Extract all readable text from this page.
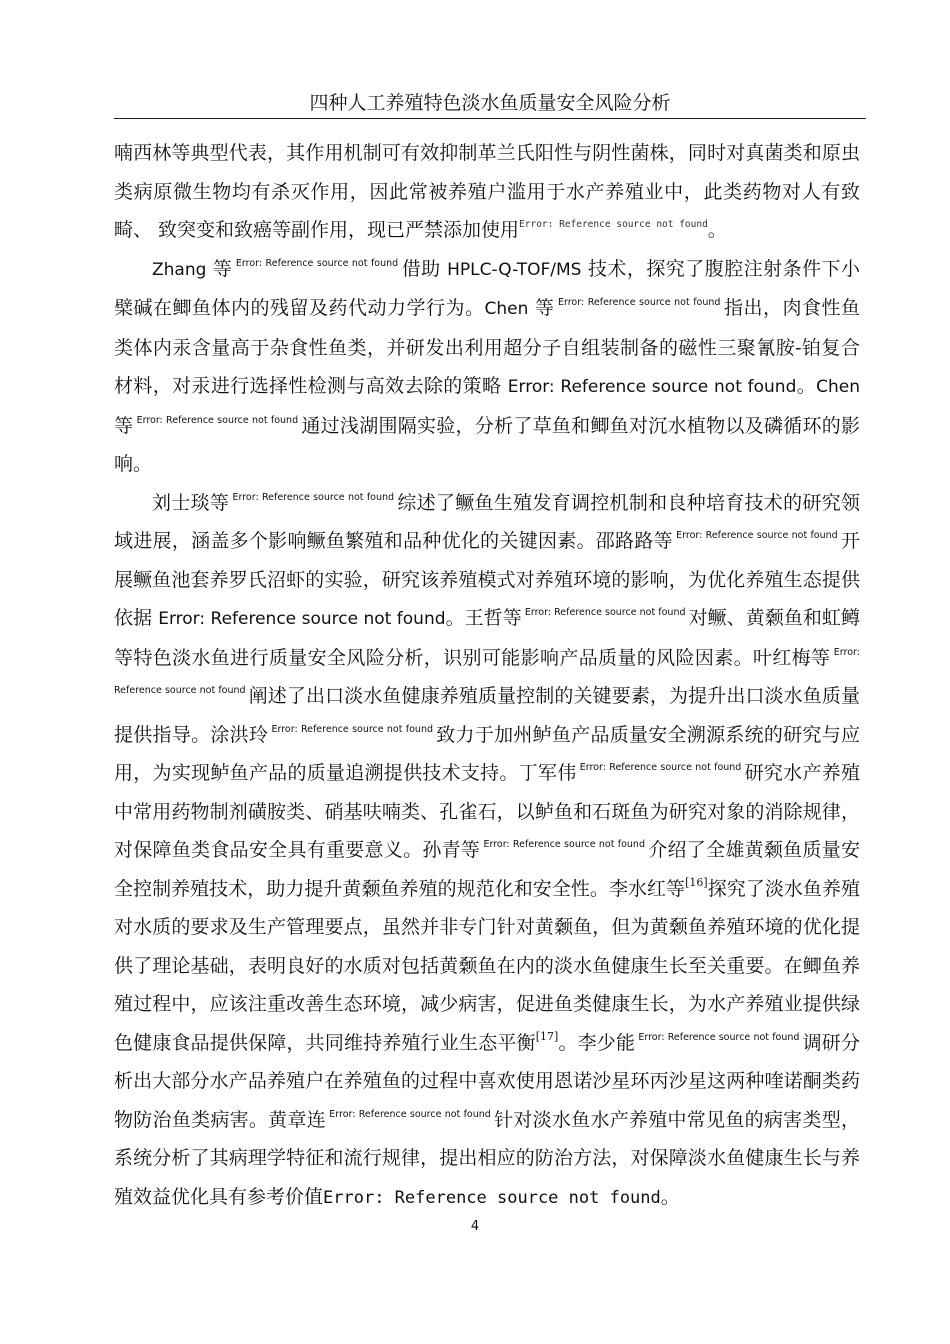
四种人工养殖特色淡水鱼质量安全风险分析

喃西林等典型代表，其作用机制可有效抑制革兰氏阳性与阴性菌株，同时对真菌类和原虫类病原微生物均有杀灭作用，因此常被养殖户滥用于水产养殖业中，此类药物对人有致畸、 致突变和致癌等副作用，现已严禁添加使用$^{Error: Reference source not found}$。

Zhang 等 $^{Error: Reference source not found}$ 借助 HPLC-Q-TOF/MS 技术，探究了腹腔注射条件下小檗碱在鲫鱼体内的残留及药代动力学行为。Chen 等 $^{Error: Reference source not found}$ 指出，肉食性鱼类体内汞含量高于杂食性鱼类，并研发出利用超分子自组装制备的磁性三聚氰胺-铂复合材料，对汞进行选择性检测与高效去除的策略 Error: Reference source not found。Chen 等 $^{Error: Reference source not found}$ 通过浅湖围隔实验，分析了草鱼和鲫鱼对沉水植物以及磷循环的影响。

刘士琰等 $^{Error: Reference source not found}$ 综述了鳜鱼生殖发育调控机制和良种培育技术的研究领域进展，涵盖多个影响鳜鱼繁殖和品种优化的关键因素。邵路路等 $^{Error: Reference source not found}$ 开展鳜鱼池套养罗氏沼虾的实验，研究该养殖模式对养殖环境的影响，为优化养殖生态提供依据 Error: Reference source not found。王哲等 $^{Error: Reference source not found}$ 对鳜、黄颡鱼和虹鳟等特色淡水鱼进行质量安全风险分析，识别可能影响产品质量的风险因素。叶红梅等 $^{Error: Reference source not found}$ 阐述了出口淡水鱼健康养殖质量控制的关键要素，为提升出口淡水鱼质量提供指导。涂洪玲 $^{Error: Reference source not found}$ 致力于加州鲈鱼产品质量安全溯源系统的研究与应用，为实现鲈鱼产品的质量追溯提供技术支持。丁军伟 $^{Error: Reference source not found}$ 研究水产养殖中常用药物制剂磺胺类、硝基呋喃类、孔雀石，以鲈鱼和石斑鱼为研究对象的消除规律，对保障鱼类食品安全具有重要意义。孙青等 $^{Error: Reference source not found}$ 介绍了全雄黄颡鱼质量安全控制养殖技术，助力提升黄颡鱼养殖的规范化和安全性。李水红等[16]探究了淡水鱼养殖对水质的要求及生产管理要点，虽然并非专门针对黄颡鱼，但为黄颡鱼养殖环境的优化提供了理论基础，表明良好的水质对包括黄颡鱼在内的淡水鱼健康生长至关重要。在鲫鱼养殖过程中，应该注重改善生态环境，减少病害，促进鱼类健康生长，为水产养殖业提供绿 色健康食品提供保障，共同维持养殖行业生态平衡[17]。李少能 $^{Error: Reference source not found}$ 调研分析出大部分水产品养殖户在养殖鱼的过程中喜欢使用恩诺沙星环丙沙星这两种喹诺酮类药物防治鱼类病害。黄章连 $^{Error: Reference source not found}$ 针对淡水鱼水产养殖中常见鱼的病害类型，系统分析了其病理学特征和流行规律，提出相应的防治方法，对保障淡水鱼健康生长与养殖效益优化具有参考价值Error: Reference source not found。

4
